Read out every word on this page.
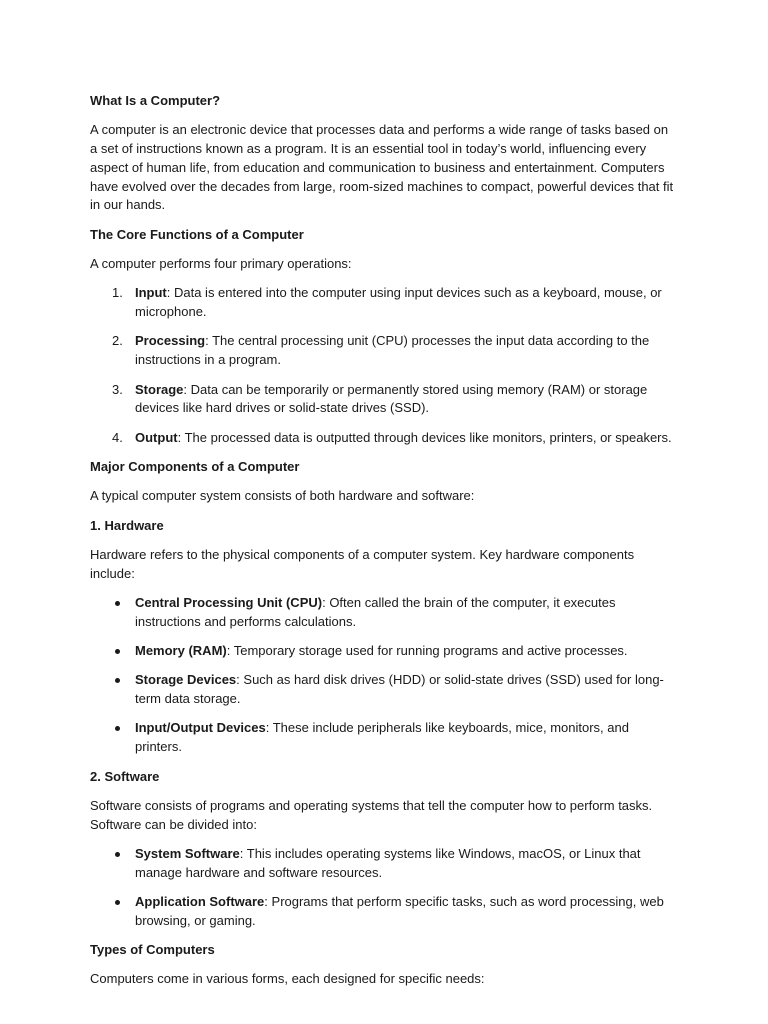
What Is a Computer?

A computer is an electronic device that processes data and performs a wide range of tasks based on a set of instructions known as a program. It is an essential tool in today’s world, influencing every aspect of human life, from education and communication to business and entertainment. Computers have evolved over the decades from large, room-sized machines to compact, powerful devices that fit in our hands.

The Core Functions of a Computer

A computer performs four primary operations:

1. Input: Data is entered into the computer using input devices such as a keyboard, mouse, or microphone.
2. Processing: The central processing unit (CPU) processes the input data according to the instructions in a program.
3. Storage: Data can be temporarily or permanently stored using memory (RAM) or storage devices like hard drives or solid-state drives (SSD).
4. Output: The processed data is outputted through devices like monitors, printers, or speakers.
Major Components of a Computer

A typical computer system consists of both hardware and software:

1. Hardware

Hardware refers to the physical components of a computer system. Key hardware components include:

Central Processing Unit (CPU): Often called the brain of the computer, it executes instructions and performs calculations.
Memory (RAM): Temporary storage used for running programs and active processes.
Storage Devices: Such as hard disk drives (HDD) or solid-state drives (SSD) used for long-term data storage.
Input/Output Devices: These include peripherals like keyboards, mice, monitors, and printers.
2. Software

Software consists of programs and operating systems that tell the computer how to perform tasks. Software can be divided into:

System Software: This includes operating systems like Windows, macOS, or Linux that manage hardware and software resources.
Application Software: Programs that perform specific tasks, such as word processing, web browsing, or gaming.
Types of Computers

Computers come in various forms, each designed for specific needs:
